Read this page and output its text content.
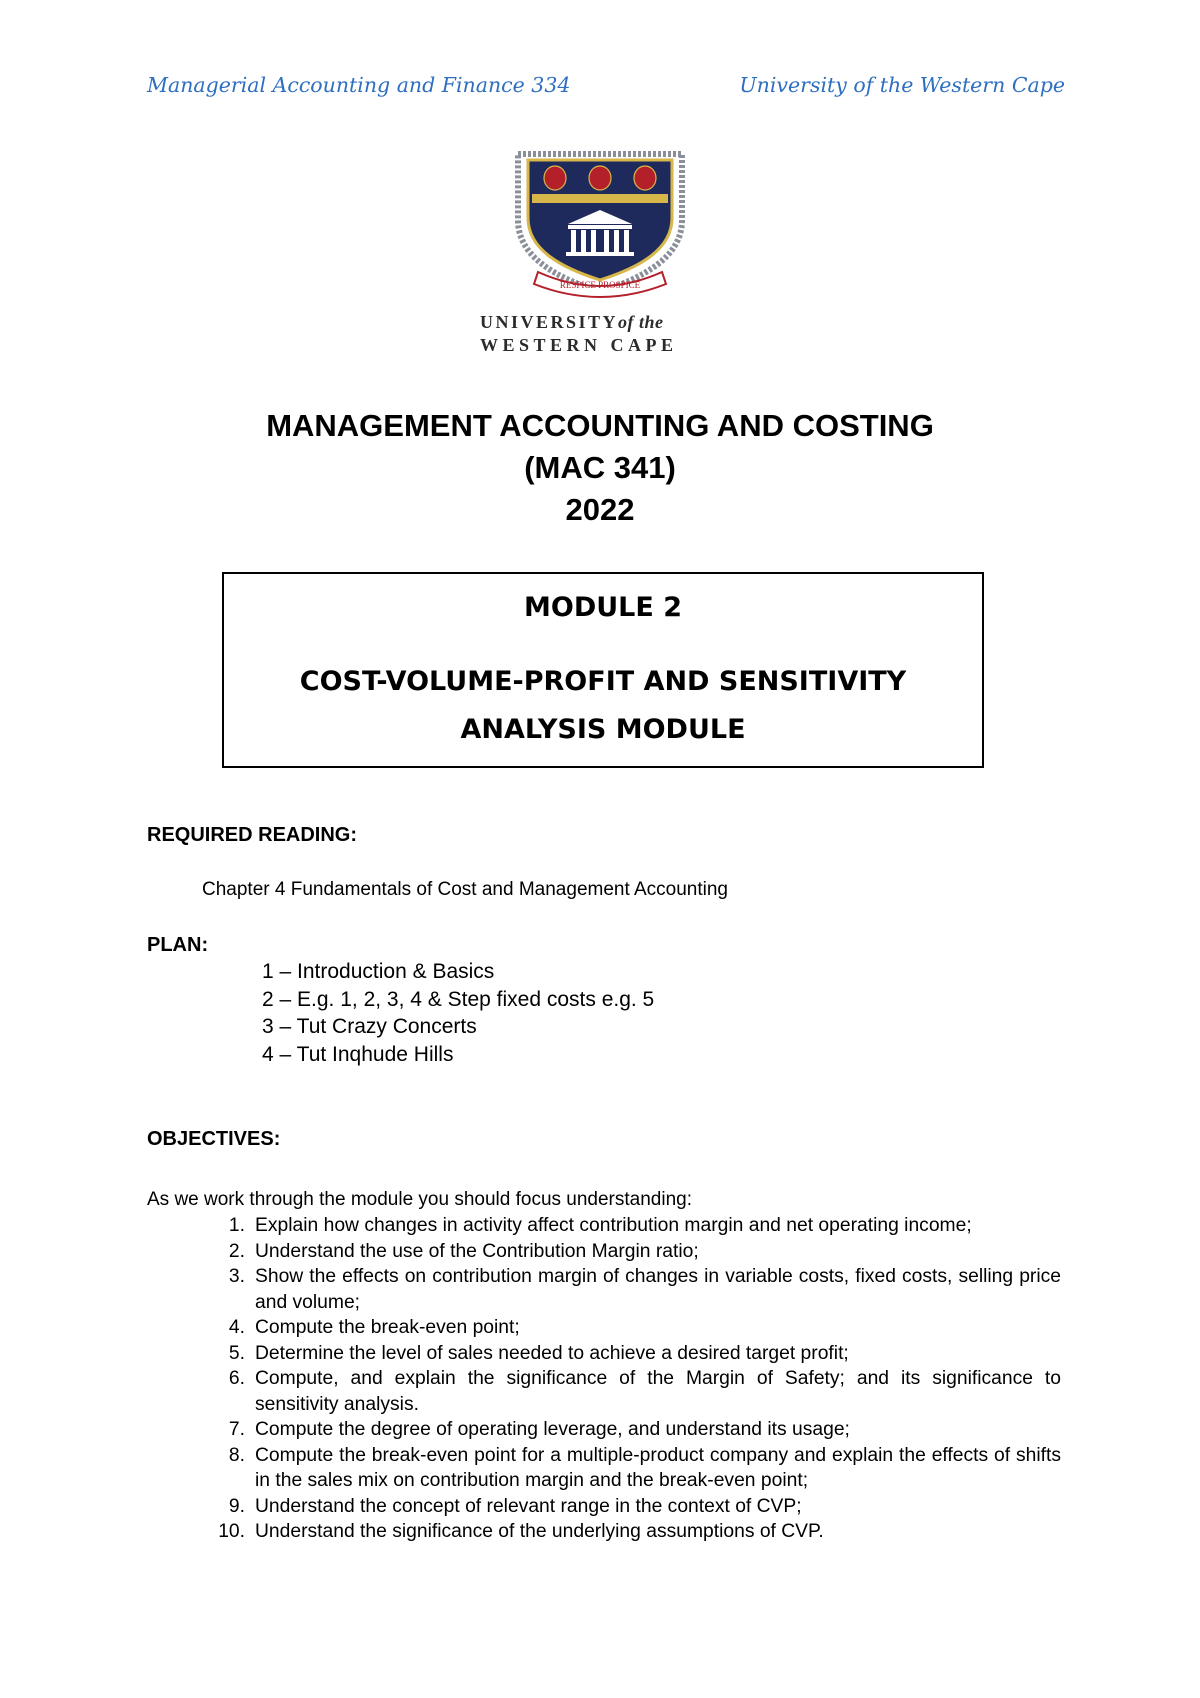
Managerial Accounting and Finance 334	University of the Western Cape
RESPICE PROSPICE
UNIVERSITYof the
WESTERN CAPE
MANAGEMENT ACCOUNTING AND COSTING
(MAC 341)
2022
MODULE 2
COST-VOLUME-PROFIT AND SENSITIVITY
ANALYSIS MODULE
REQUIRED READING:
Chapter 4 Fundamentals of Cost and Management Accounting
PLAN:
1 – Introduction & Basics
2 – E.g. 1, 2, 3, 4 & Step fixed costs e.g. 5
3 – Tut Crazy Concerts
4 – Tut Inqhude Hills
OBJECTIVES:
As we work through the module you should focus understanding:
1. Explain how changes in activity affect contribution margin and net operating income;
2. Understand the use of the Contribution Margin ratio;
3. Show the effects on contribution margin of changes in variable costs, fixed costs, selling price and volume;
4. Compute the break-even point;
5. Determine the level of sales needed to achieve a desired target profit;
6. Compute, and explain the significance of the Margin of Safety; and its significance to sensitivity analysis.
7. Compute the degree of operating leverage, and understand its usage;
8. Compute the break-even point for a multiple-product company and explain the effects of shifts in the sales mix on contribution margin and the break-even point;
9. Understand the concept of relevant range in the context of CVP;
10. Understand the significance of the underlying assumptions of CVP.
